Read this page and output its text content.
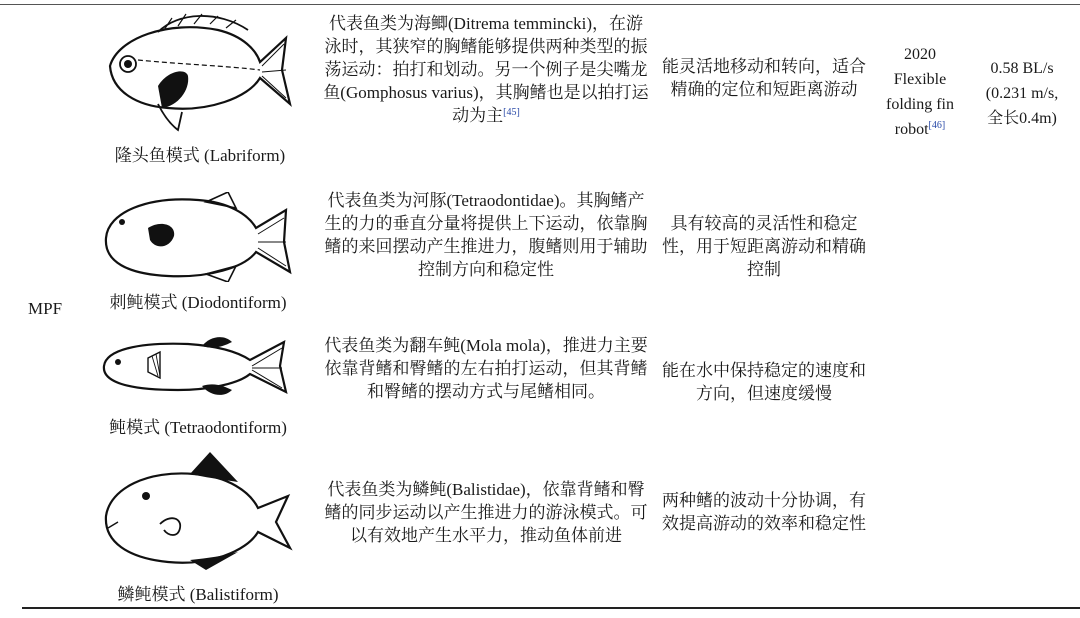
MPF
隆头鱼模式 (Labriform)
代表鱼类为海鲫(Ditrema temmincki)，在游泳时，其狭窄的胸鳍能够提供两种类型的振荡运动：拍打和划动。另一个例子是尖嘴龙鱼(Gomphosus varius)，其胸鳍也是以拍打运动为主[45]
能灵活地移动和转向，适合精确的定位和短距离游动
2020
Flexible folding fin robot[46]
0.58 BL/s
(0.231 m/s,
全长0.4m)
刺鲀模式 (Diodontiform)
代表鱼类为河豚(Tetraodontidae)。其胸鳍产生的力的垂直分量将提供上下运动，依靠胸鳍的来回摆动产生推进力，腹鳍则用于辅助控制方向和稳定性
具有较高的灵活性和稳定性，用于短距离游动和精确控制
鲀模式 (Tetraodontiform)
代表鱼类为翻车鲀(Mola mola)，推进力主要依靠背鳍和臀鳍的左右拍打运动，但其背鳍和臀鳍的摆动方式与尾鳍相同。
能在水中保持稳定的速度和方向，但速度缓慢
鳞鲀模式 (Balistiform)
代表鱼类为鳞鲀(Balistidae)，依靠背鳍和臀鳍的同步运动以产生推进力的游泳模式。可以有效地产生水平力，推动鱼体前进
两种鳍的波动十分协调，有效提高游动的效率和稳定性
